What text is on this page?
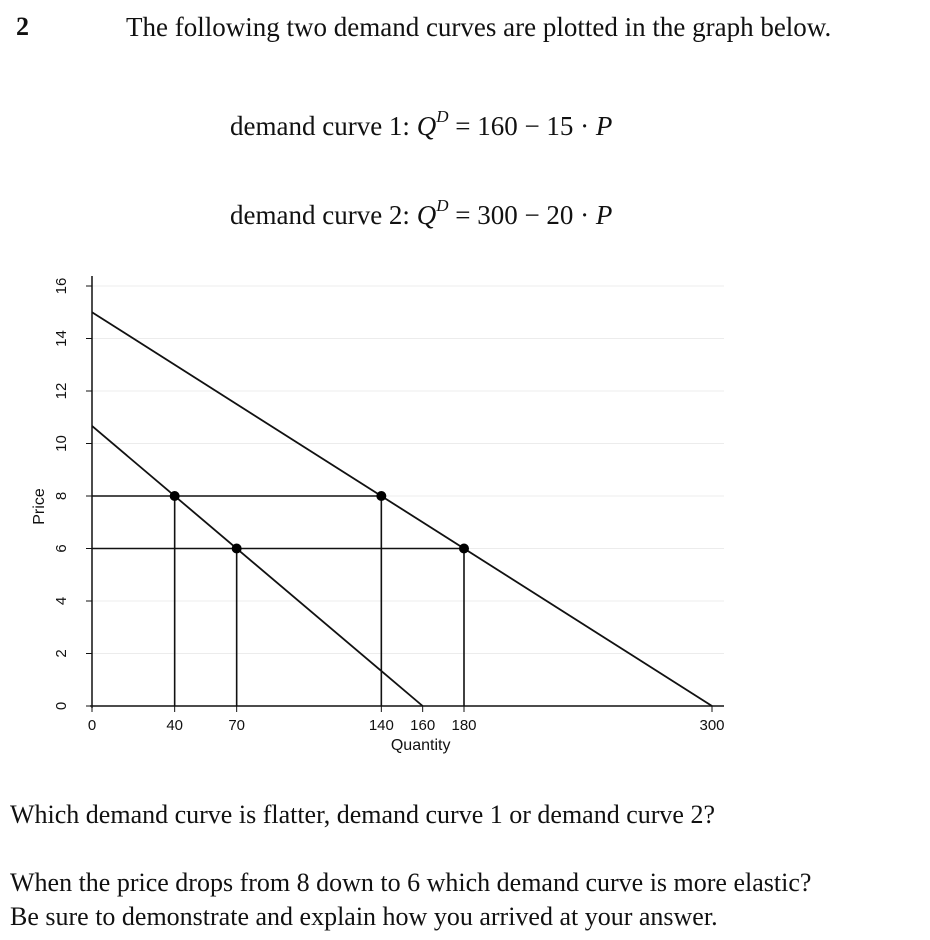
2	The following two demand curves are plotted in the graph below.
demand curve 1: $Q^D = 160 - 15 \cdot P$
demand curve 2: $Q^D = 300 - 20 \cdot P$
0
2
4
6
8
10
12
14
16
0	40	70	140 160 180	300
Quantity
Price
Which demand curve is flatter, demand curve 1 or demand curve 2?
When the price drops from 8 down to 6 which demand curve is more elastic?
Be sure to demonstrate and explain how you arrived at your answer.
